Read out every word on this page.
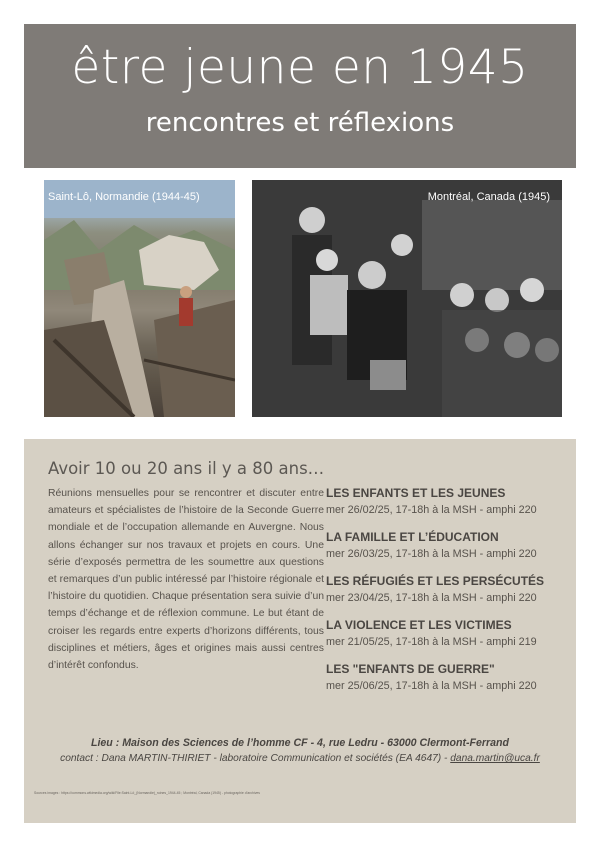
être jeune en 1945
rencontres et réflexions
Saint-Lô, Normandie (1944-45)	Montréal, Canada (1945)
Avoir 10 ou 20 ans il y a 80 ans…
Réunions mensuelles pour se rencontrer et discuter entre amateurs et spécialistes de l’histoire de la Seconde Guerre mondiale et de l’occupation allemande en Auvergne. Nous allons échanger sur nos travaux et projets en cours. Une série d’exposés permettra de les soumettre aux questions et remarques d’un public intéressé par l’histoire régionale et l’histoire du quotidien. Chaque présentation sera suivie d’un temps d’échange et de réflexion commune. Le but étant de croiser les regards entre experts d’horizons différents, tous disciplines et métiers, âges et origines mais aussi centres d’intérêt confondus.
LES ENFANTS ET LES JEUNES
mer 26/02/25, 17-18h à la MSH - amphi 220
LA FAMILLE ET L’ÉDUCATION
mer 26/03/25, 17-18h à la MSH - amphi 220
LES RÉFUGIÉS ET LES PERSÉCUTÉS
mer 23/04/25, 17-18h à la MSH - amphi 220
LA VIOLENCE ET LES VICTIMES
mer 21/05/25, 17-18h à la MSH - amphi 219
LES "ENFANTS DE GUERRE"
mer 25/06/25, 17-18h à la MSH - amphi 220
Lieu : Maison des Sciences de l’homme CF - 4, rue Ledru - 63000 Clermont-Ferrand
contact : Dana MARTIN-THIRIET - laboratoire Communication et sociétés (EA 4647) - dana.martin@uca.fr
Sources images : https://commons.wikimedia.org/wiki/File:Saint-Lô_(Normandie)_ruines_1944-45 ; Montréal, Canada (1945) - photographie d’archives
